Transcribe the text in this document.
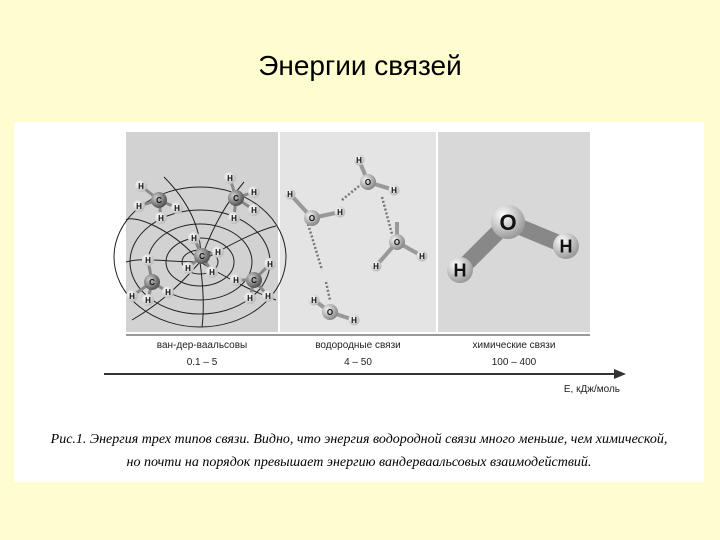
Энергии связей
ван-дер-ваальсовы
0.1 – 5
водородные связи
4 – 50
химические связи
100 – 400
E, кДж/моль
C
H
H
H
H
C
H
H
H
H
C
H
H
H H
C
H
H H
H
C
H
H
H H
O
H
H
O
H
H
O
H
H
O
H
H
O
H
H
Рис.1. Энергия трех типов связи. Видно, что энергия водородной связи много меньше, чем химической,
но почти на порядок превышает энергию вандерваальсовых взаимодействий.
